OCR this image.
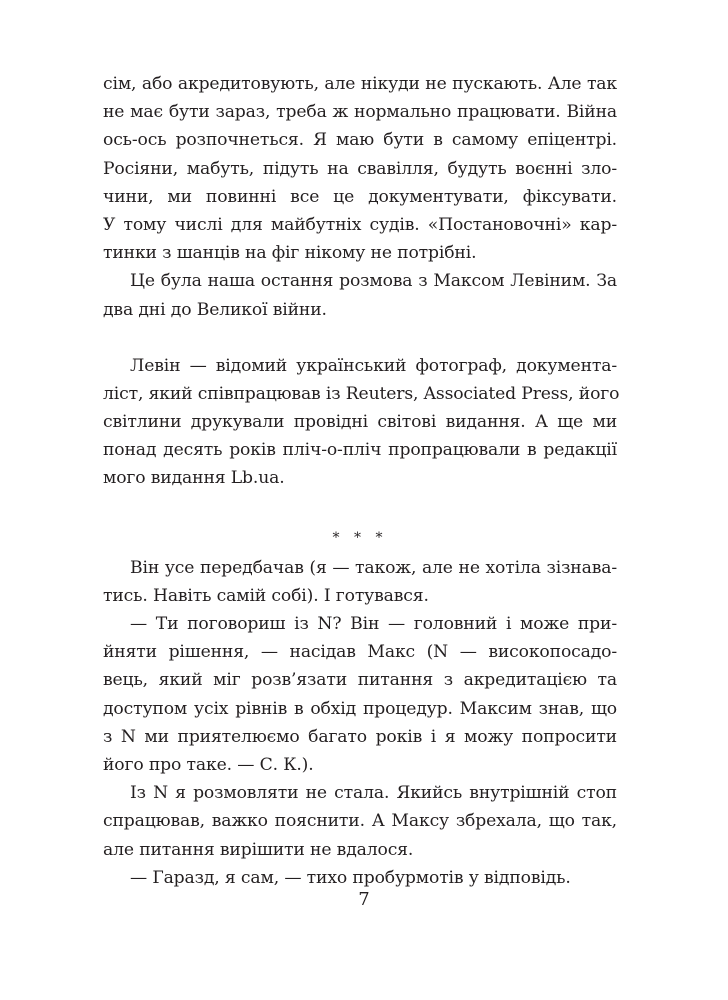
сім, або акредитовують, але нікуди не пускають. Але так
не має бути зараз, треба ж нормально працювати. Війна
ось-ось розпочнеться. Я маю бути в самому епіцентрі.
Росіяни, мабуть, підуть на свавілля, будуть воєнні зло-
чини, ми повинні все це документувати, фіксувати.
У тому числі для майбутніх судів. «Постановочні» кар-
тинки з шанців на фіг нікому не потрібні.
Це була наша остання розмова з Максом Левіним. За
два дні до Великої війни.
Левін — відомий український фотограф, документа-
ліст, який співпрацював із Reuters, Associated Press, його
світлини друкували провідні світові видання. А ще ми
понад десять років пліч-о-пліч пропрацювали в редакції
мого видання Lb.ua.
* * *
Він усе передбачав (я — також, але не хотіла зізнава-
тись. Навіть самій собі). І готувався.
— Ти поговориш із N? Він — головний і може при-
йняти рішення, — насідав Макс (N — високопосадо-
вець, який міг розв’язати питання з акредитацією та
доступом усіх рівнів в обхід процедур. Максим знав, що
з N ми приятелюємо багато років і я можу попросити
його про таке. — С. К.).
Із N я розмовляти не стала. Якийсь внутрішній стоп
спрацював, важко пояснити. А Максу збрехала, що так,
але питання вирішити не вдалося.
— Гаразд, я сам, — тихо пробурмотів у відповідь.
7
